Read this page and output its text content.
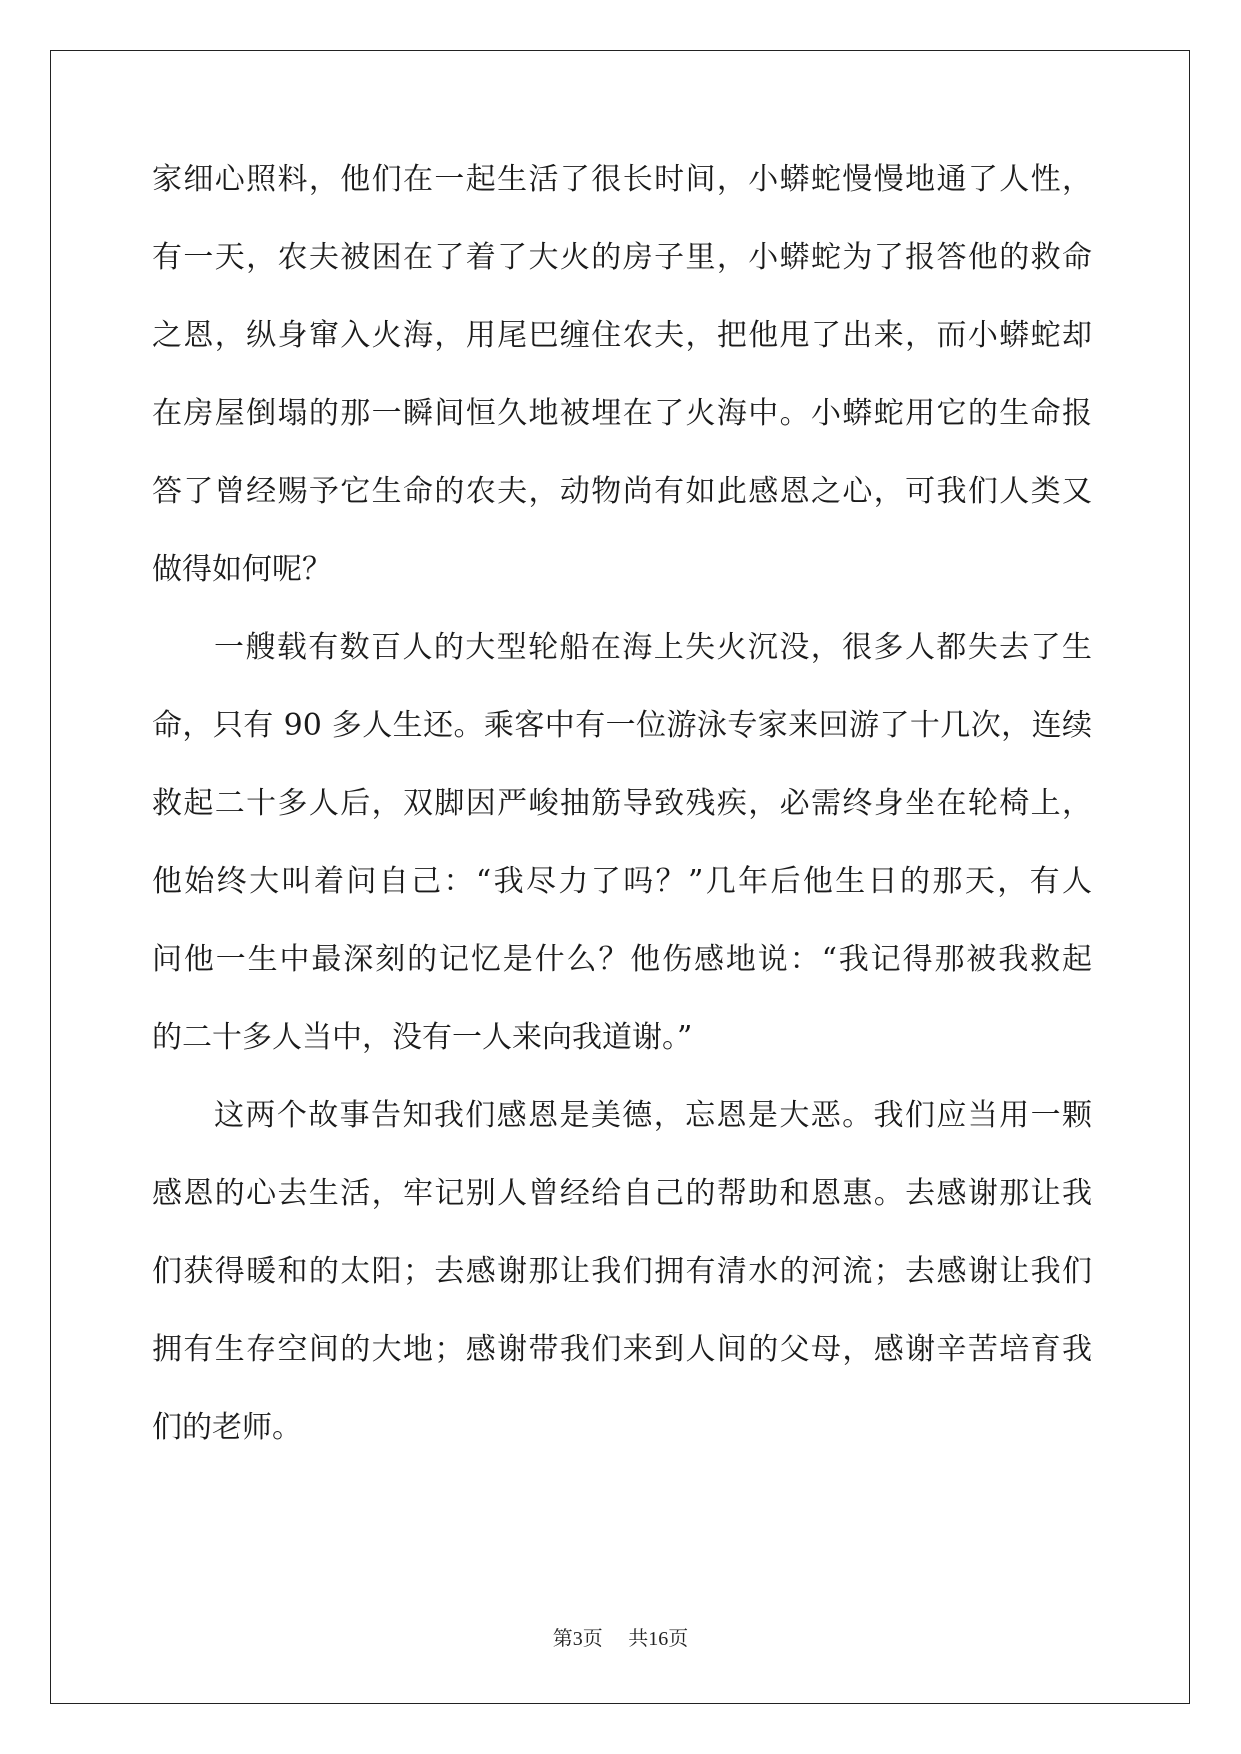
家细心照料，他们在一起生活了很长时间，小蟒蛇慢慢地通了人性，
有一天，农夫被困在了着了大火的房子里，小蟒蛇为了报答他的救命
之恩，纵身窜入火海，用尾巴缠住农夫，把他甩了出来，而小蟒蛇却
在房屋倒塌的那一瞬间恒久地被埋在了火海中。小蟒蛇用它的生命报
答了曾经赐予它生命的农夫，动物尚有如此感恩之心，可我们人类又
做得如何呢？
一艘载有数百人的大型轮船在海上失火沉没，很多人都失去了生
命，只有 90 多人生还。乘客中有一位游泳专家来回游了十几次，连续
救起二十多人后，双脚因严峻抽筋导致残疾，必需终身坐在轮椅上，
他始终大叫着问自己：“我尽力了吗？”几年后他生日的那天，有人
问他一生中最深刻的记忆是什么？他伤感地说：“我记得那被我救起
的二十多人当中，没有一人来向我道谢。”
这两个故事告知我们感恩是美德，忘恩是大恶。我们应当用一颗
感恩的心去生活，牢记别人曾经给自己的帮助和恩惠。去感谢那让我
们获得暖和的太阳；去感谢那让我们拥有清水的河流；去感谢让我们
拥有生存空间的大地；感谢带我们来到人间的父母，感谢辛苦培育我
们的老师。
第3页 共16页
